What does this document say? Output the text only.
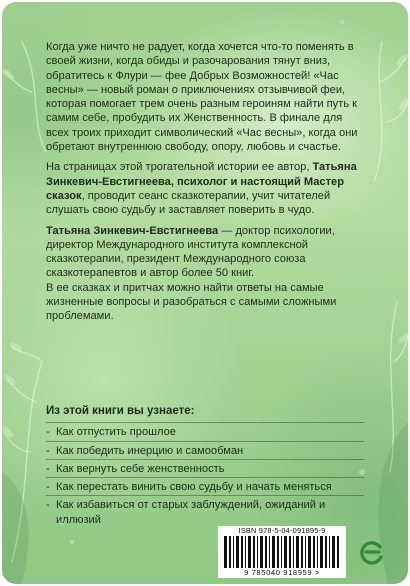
Когда уже ничто не радует, когда хочется что-то поменять в своей жизни, когда обиды и разочарования тянут вниз, обратитесь к Флури — фее Добрых Возможностей! «Час весны» — новый роман о приключениях отзывчивой феи, которая помогает трем очень разным героиням найти путь к самим себе, пробудить их Женственность. В финале для всех троих приходит символический «Час весны», когда они обретают внутреннюю свободу, опору, любовь и счастье.

На страницах этой трогательной истории ее автор, Татьяна Зинкевич-Евстигнеева, психолог и настоящий Мастер сказок, проводит сеанс сказкотерапии, учит читателей слушать свою судьбу и заставляет поверить в чудо.

Татьяна Зинкевич-Евстигнеева — доктор психологии, директор Международного института комплексной сказкотерапии, президент Международного союза сказкотерапевтов и автор более 50 книг.

В ее сказках и притчах можно найти ответы на самые жизненные вопросы и разобраться с самыми сложными проблемами.

Из этой книги вы узнаете:

- Как отпустить прошлое
- Как победить инерцию и самообман
- Как вернуть себе женственность
- Как перестать винить свою судьбу и начать меняться
- Как избавиться от старых заблуждений, ожиданий и иллюзий
ISBN 978-5-04-091895-9
9 785040 918959 >
